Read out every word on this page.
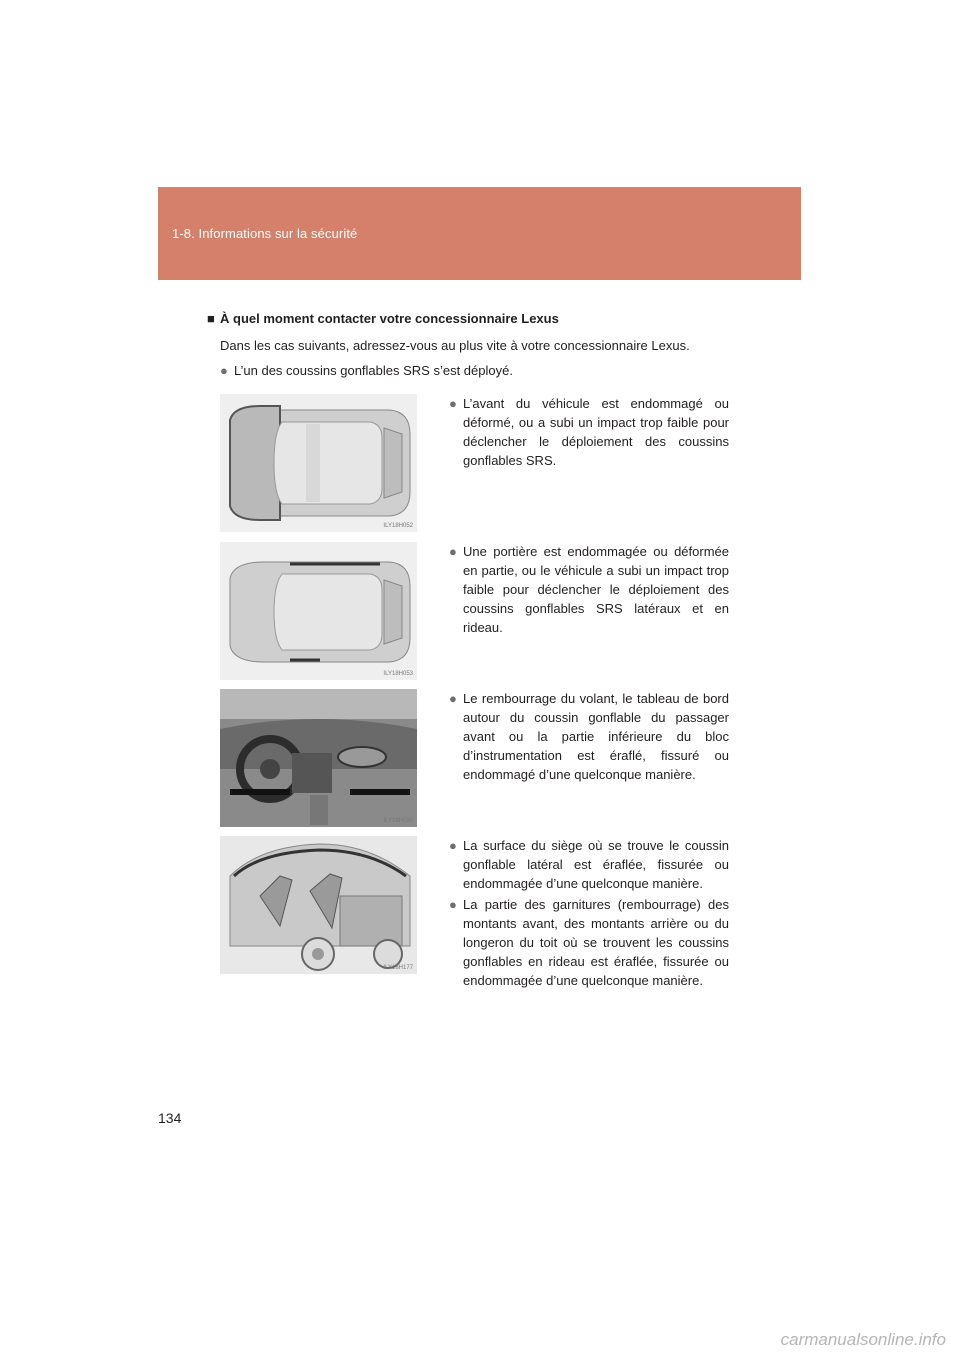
1-8. Informations sur la sécurité
■ À quel moment contacter votre concessionnaire Lexus
Dans les cas suivants, adressez-vous au plus vite à votre concessionnaire Lexus.
● L’un des coussins gonflables SRS s’est déployé.
ILY18H052
ILY18H053
ILY18H080
ILY18H177
● L’avant du véhicule est endommagé ou déformé, ou a subi un impact trop faible pour déclencher le déploiement des coussins gonflables SRS.
● Une portière est endommagée ou déformée en partie, ou le véhicule a subi un impact trop faible pour déclencher le déploiement des coussins gonflables SRS latéraux et en rideau.
● Le rembourrage du volant, le tableau de bord autour du coussin gonflable du passager avant ou la partie inférieure du bloc d’instrumentation est éraflé, fissuré ou endommagé d’une quelconque manière.
● La surface du siège où se trouve le coussin gonflable latéral est éraflée, fissurée ou endommagée d’une quelconque manière.
● La partie des garnitures (rembourrage) des montants avant, des montants arrière ou du longeron du toit où se trouvent les coussins gonflables en rideau est éraflée, fissurée ou endommagée d’une quelconque manière.
134
carmanualsonline.info
